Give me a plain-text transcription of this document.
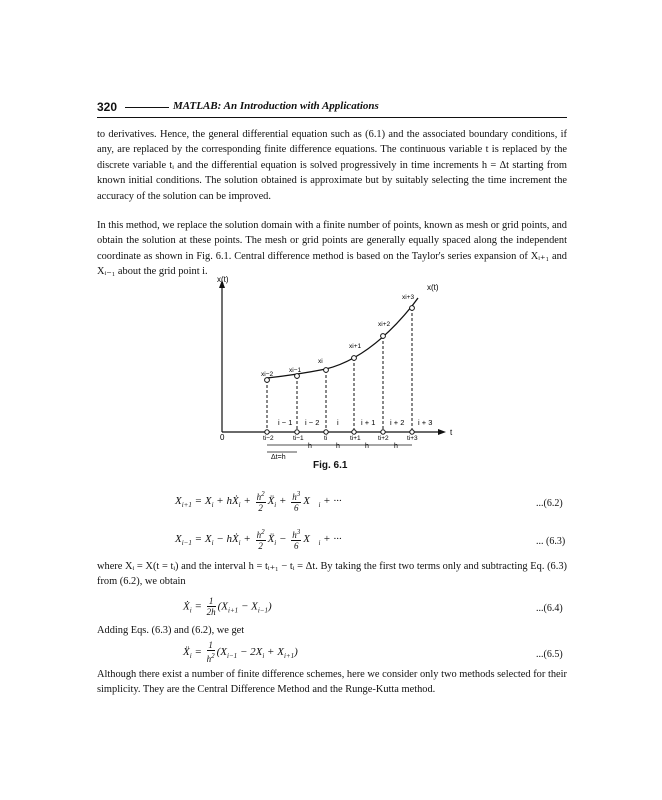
320	MATLAB: An Introduction with Applications

to derivatives. Hence, the general differential equation such as (6.1) and the associated boundary conditions, if any, are replaced by the corresponding finite difference equations. The continuous variable t is replaced by the discrete variable tᵢ and the differential equation is solved progressively in time increments h = Δt starting from known initial conditions. The solution obtained is approximate but by suitably selecting the time increment the accuracy of the solution can be improved.

In this method, we replace the solution domain with a finite number of points, known as mesh or grid points, and obtain the solution at these points. The mesh or grid points are generally equally spaced along the independent coordinate as shown in Fig. 6.1. Central difference method is based on the Taylor's series expansion of Xᵢ₊₁ and Xᵢ₋₁ about the grid point i.

x(t)
t
0
x(t)
xi−2
xi−1
xi
xi+1
xi+2
xi+3
i − 1 i − 2 i	i + 1 i + 2 i + 3
ti−2	ti−1	ti	ti+1	ti+2	ti+3
h	h	h	h
Δt=h
Fig. 6.1
$X_{i+1} = X_i$ + hẊ$_i$ + $\frac{h^2}{2}$ Ẍ$_i$ + $\frac{h^3}{6}$ $X⃛_i$ + ···	...(6.2)
$X_{i-1} = X_i$ − hẊ$_i$ + $\frac{h^2}{2}$ Ẍ$_i$ − $\frac{h^3}{6}$ $X⃛_i$ + ···	... (6.3)

where Xᵢ = X(t = tᵢ) and the interval h = tᵢ₊₁ − tᵢ = Δt. By taking the first two terms only and subtracting Eq. (6.3) from (6.2), we obtain

Ẋ$_i$ = $\frac{1}{2h} (X_{i+1} - X_{i-1})$	...(6.4)

Adding Eqs. (6.3) and (6.2), we get

Ẍ$_i$ = $\frac{1}{h^2} (X_{i-1} - 2X_i + X_{i+1})$	...(6.5)

Although there exist a number of finite difference schemes, here we consider only two methods selected for their simplicity. They are the Central Difference Method and the Runge-Kutta method.
